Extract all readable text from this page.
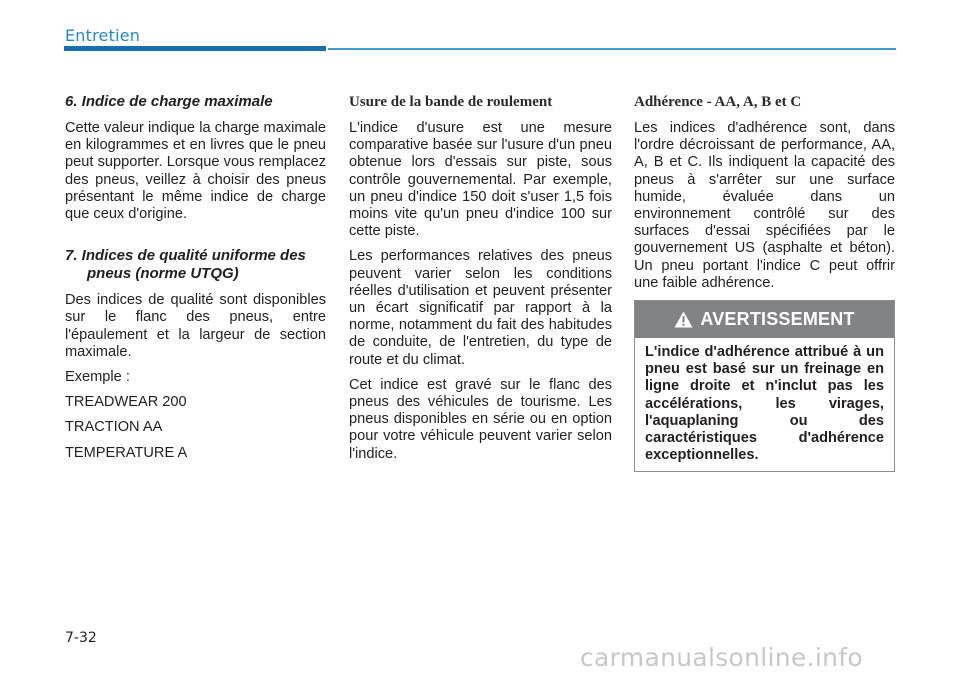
Entretien
6. Indice de charge maximale

Cette valeur indique la charge maximale en kilogrammes et en livres que le pneu peut supporter. Lorsque vous remplacez des pneus, veillez à choisir des pneus présentant le même indice de charge que ceux d'origine.

7. Indices de qualité uniforme des pneus (norme UTQG)

Des indices de qualité sont disponibles sur le flanc des pneus, entre l'épaulement et la largeur de section maximale.

Exemple :

TREADWEAR 200

TRACTION AA

TEMPERATURE A

Usure de la bande de roulement

L'indice d'usure est une mesure comparative basée sur l'usure d'un pneu obtenue lors d'essais sur piste, sous contrôle gouvernemental. Par exemple, un pneu d'indice 150 doit s'user 1,5 fois moins vite qu'un pneu d'indice 100 sur cette piste.

Les performances relatives des pneus peuvent varier selon les conditions réelles d'utilisation et peuvent présenter un écart significatif par rapport à la norme, notamment du fait des habitudes de conduite, de l'entretien, du type de route et du climat.

Cet indice est gravé sur le flanc des pneus des véhicules de tourisme. Les pneus disponibles en série ou en option pour votre véhicule peuvent varier selon l'indice.

Adhérence - AA, A, B et C

Les indices d'adhérence sont, dans l'ordre décroissant de performance, AA, A, B et C. Ils indiquent la capacité des pneus à s'arrêter sur une surface humide, évaluée dans un environnement contrôlé sur des surfaces d'essai spécifiées par le gouvernement US (asphalte et béton). Un pneu portant l'indice C peut offrir une faible adhérence.

AVERTISSEMENT
L'indice d'adhérence attribué à un pneu est basé sur un freinage en ligne droite et n'inclut pas les accélérations, les virages, l'aquaplaning ou des caractéristiques d'adhérence exceptionnelles.
7-32
carmanualsonline.info
